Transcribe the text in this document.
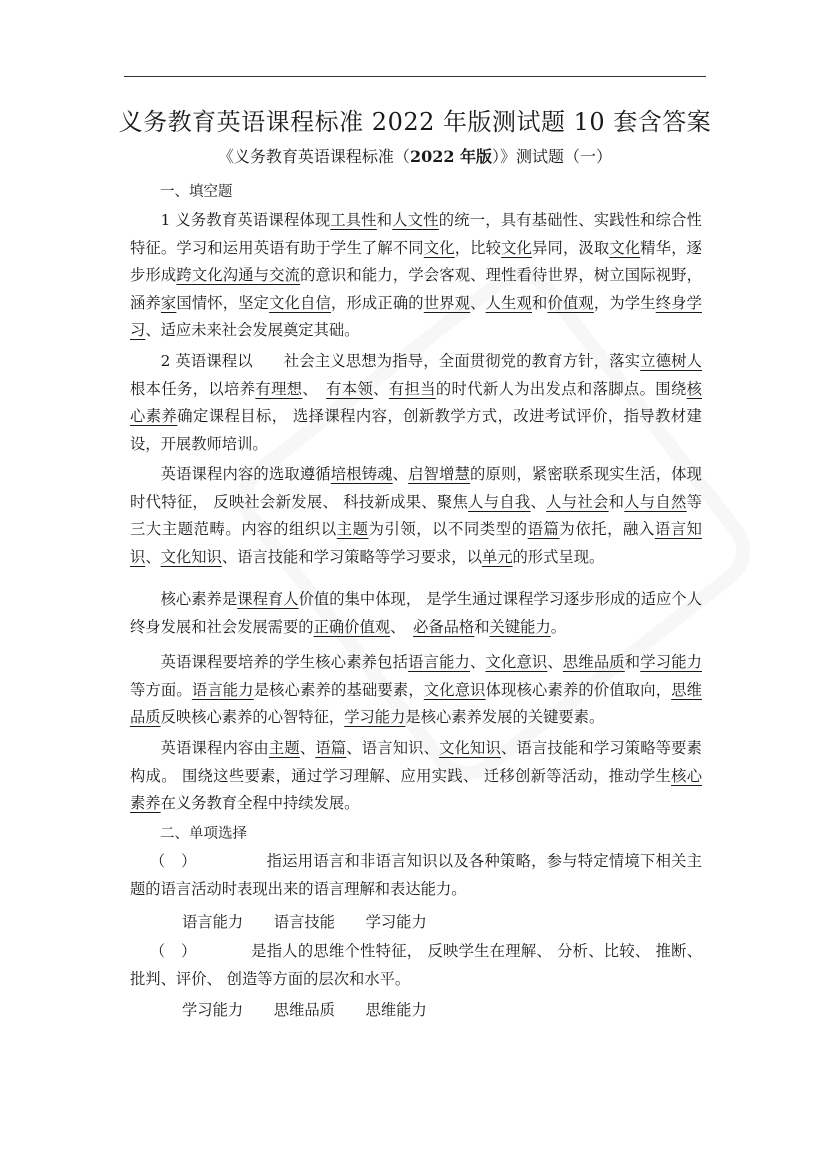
义务教育英语课程标准 2022 年版测试题 10 套含答案
《义务教育英语课程标准（2022 年版）》测试题（一）
一、填空题

1 义务教育英语课程体现工具性和人文性的统一，具有基础性、实践性和综合性特征。学习和运用英语有助于学生了解不同文化，比较文化异同，汲取文化精华，逐步形成跨文化沟通与交流的意识和能力，学会客观、理性看待世界，树立国际视野，涵养家国情怀，坚定文化自信，形成正确的世界观、人生观和价值观，为学生终身学习、适应未来社会发展奠定其础。

2 英语课程以　　社会主义思想为指导，全面贯彻党的教育方针，落实立德树人根本任务，以培养有理想、　有本领、有担当的时代新人为出发点和落脚点。围绕核心素养确定课程目标， 选择课程内容，创新教学方式，改进考试评价，指导教材建设，开展教师培训。

英语课程内容的选取遵循培根铸魂、启智增慧的原则，紧密联系现实生活，体现时代特征， 反映社会新发展、 科技新成果、聚焦人与自我、人与社会和人与自然等三大主题范畴。内容的组织以主题为引领，以不同类型的语篇为依托，融入语言知识、文化知识、语言技能和学习策略等学习要求，以单元的形式呈现。

核心素养是课程育人价值的集中体现， 是学生通过课程学习逐步形成的适应个人终身发展和社会发展需要的正确价值观、　必备品格和关键能力。

英语课程要培养的学生核心素养包括语言能力、文化意识、思维品质和学习能力等方面。语言能力是核心素养的基础要素，文化意识体现核心素养的价值取向，思维品质反映核心素养的心智特征，学习能力是核心素养发展的关键要素。

英语课程内容由主题、语篇、语言知识、文化知识、语言技能和学习策略等要素构成。 围绕这些要素，通过学习理解、应用实践、 迁移创新等活动，推动学生核心素养在义务教育全程中持续发展。

二、单项选择

（　）　　　　　指运用语言和非语言知识以及各种策略，参与特定情境下相关主题的语言活动时表现出来的语言理解和表达能力。

语言能力　　语言技能　　学习能力

（　）　　　　是指人的思维个性特征， 反映学生在理解、 分析、比较、 推断、批判、评价、 创造等方面的层次和水平。

学习能力　　思维品质　　思维能力
